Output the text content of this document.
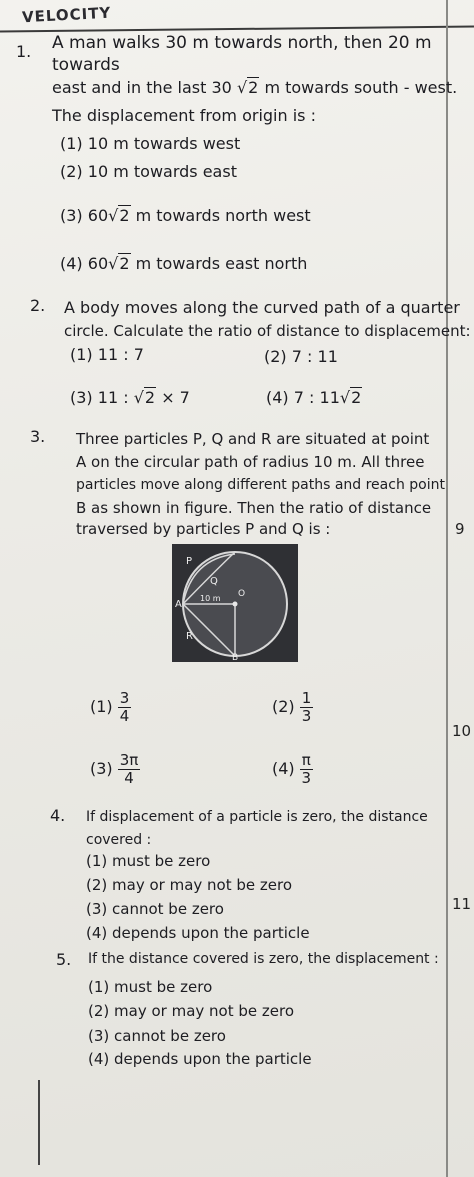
VELOCITY
9
10
11
1. A man walks 30 m towards north, then 20 m towards
east and in the last 30 √2 m towards south - west.
The displacement from origin is :
(1) 10 m towards west
(2) 10 m towards east
(3) 60√2 m towards north west
(4) 60√2 m towards east north
2. A body moves along the curved path of a quarter
circle. Calculate the ratio of distance to displacement:
(1) 11 : 7	(2) 7 : 11
(3) 11 : √2 × 7	(4) 7 : 11√2
3. Three particles P, Q and R are situated at point
A on the circular path of radius 10 m. All three
particles move along different paths and reach point
B as shown in figure. Then the ratio of distance
traversed by particles P and Q is :
P
Q
R
A
B
O
10 m
$(1) \frac{3}{4}$	$(2) \frac{1}{3}$
$(3) \frac{3\pi}{4}$	$(4) \frac{\pi}{3}$
4. If displacement of a particle is zero, the distance
covered :
(1) must be zero
(2) may or may not be zero
(3) cannot be zero
(4) depends upon the particle
5. If the distance covered is zero, the displacement :
(1) must be zero
(2) may or may not be zero
(3) cannot be zero
(4) depends upon the particle
